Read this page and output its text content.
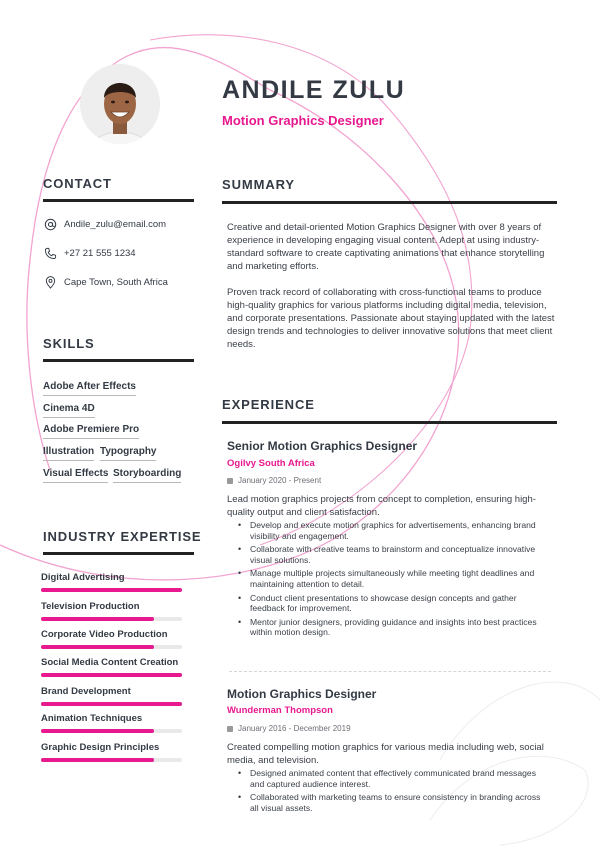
ANDILE ZULU
Motion Graphics Designer
CONTACT
Andile_zulu@email.com
+27 21 555 1234
Cape Town, South Africa
SKILLS
Adobe After Effects
Cinema 4D
Adobe Premiere Pro
Illustration Typography
Visual Effects Storyboarding
INDUSTRY EXPERTISE
Digital Advertising
Television Production
Corporate Video Production
Social Media Content Creation
Brand Development
Animation Techniques
Graphic Design Principles
SUMMARY
Creative and detail-oriented Motion Graphics Designer with over 8 years of experience in developing engaging visual content. Adept at using industry-standard software to create captivating animations that enhance storytelling and marketing efforts.
Proven track record of collaborating with cross-functional teams to produce high-quality graphics for various platforms including digital media, television, and corporate presentations. Passionate about staying updated with the latest design trends and technologies to deliver innovative solutions that meet client needs.
EXPERIENCE
Senior Motion Graphics Designer
Ogilvy South Africa
January 2020 - Present
Lead motion graphics projects from concept to completion, ensuring high-quality output and client satisfaction.
• Develop and execute motion graphics for advertisements, enhancing brand visibility and engagement.
• Collaborate with creative teams to brainstorm and conceptualize innovative visual solutions.
• Manage multiple projects simultaneously while meeting tight deadlines and maintaining attention to detail.
• Conduct client presentations to showcase design concepts and gather feedback for improvement.
• Mentor junior designers, providing guidance and insights into best practices within motion design.
Motion Graphics Designer
Wunderman Thompson
January 2016 - December 2019
Created compelling motion graphics for various media including web, social media, and television.
• Designed animated content that effectively communicated brand messages and captured audience interest.
• Collaborated with marketing teams to ensure consistency in branding across all visual assets.
